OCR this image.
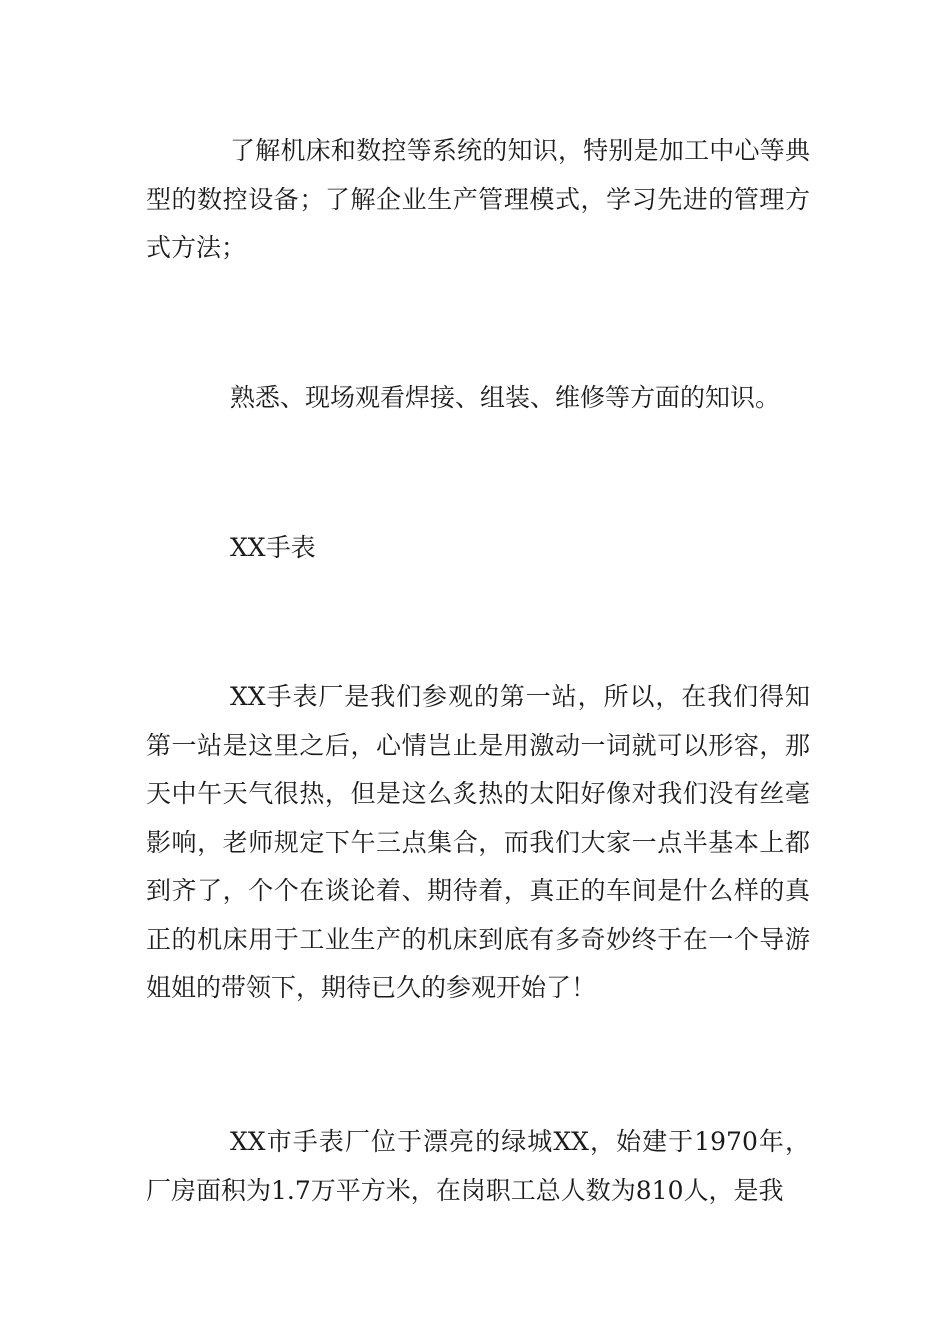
了解机床和数控等系统的知识，特别是加工中心等典型的数控设备；了解企业生产管理模式，学习先进的管理方式方法；

熟悉、现场观看焊接、组装、维修等方面的知识。

XX手表

XX手表厂是我们参观的第一站，所以，在我们得知第一站是这里之后，心情岂止是用激动一词就可以形容，那天中午天气很热，但是这么炙热的太阳好像对我们没有丝毫影响，老师规定下午三点集合，而我们大家一点半基本上都到齐了，个个在谈论着、期待着，真正的车间是什么样的真正的机床用于工业生产的机床到底有多奇妙终于在一个导游姐姐的带领下，期待已久的参观开始了！

XX市手表厂位于漂亮的绿城XX，始建于1970年，厂房面积为1.7万平方米，在岗职工总人数为810人，是我
